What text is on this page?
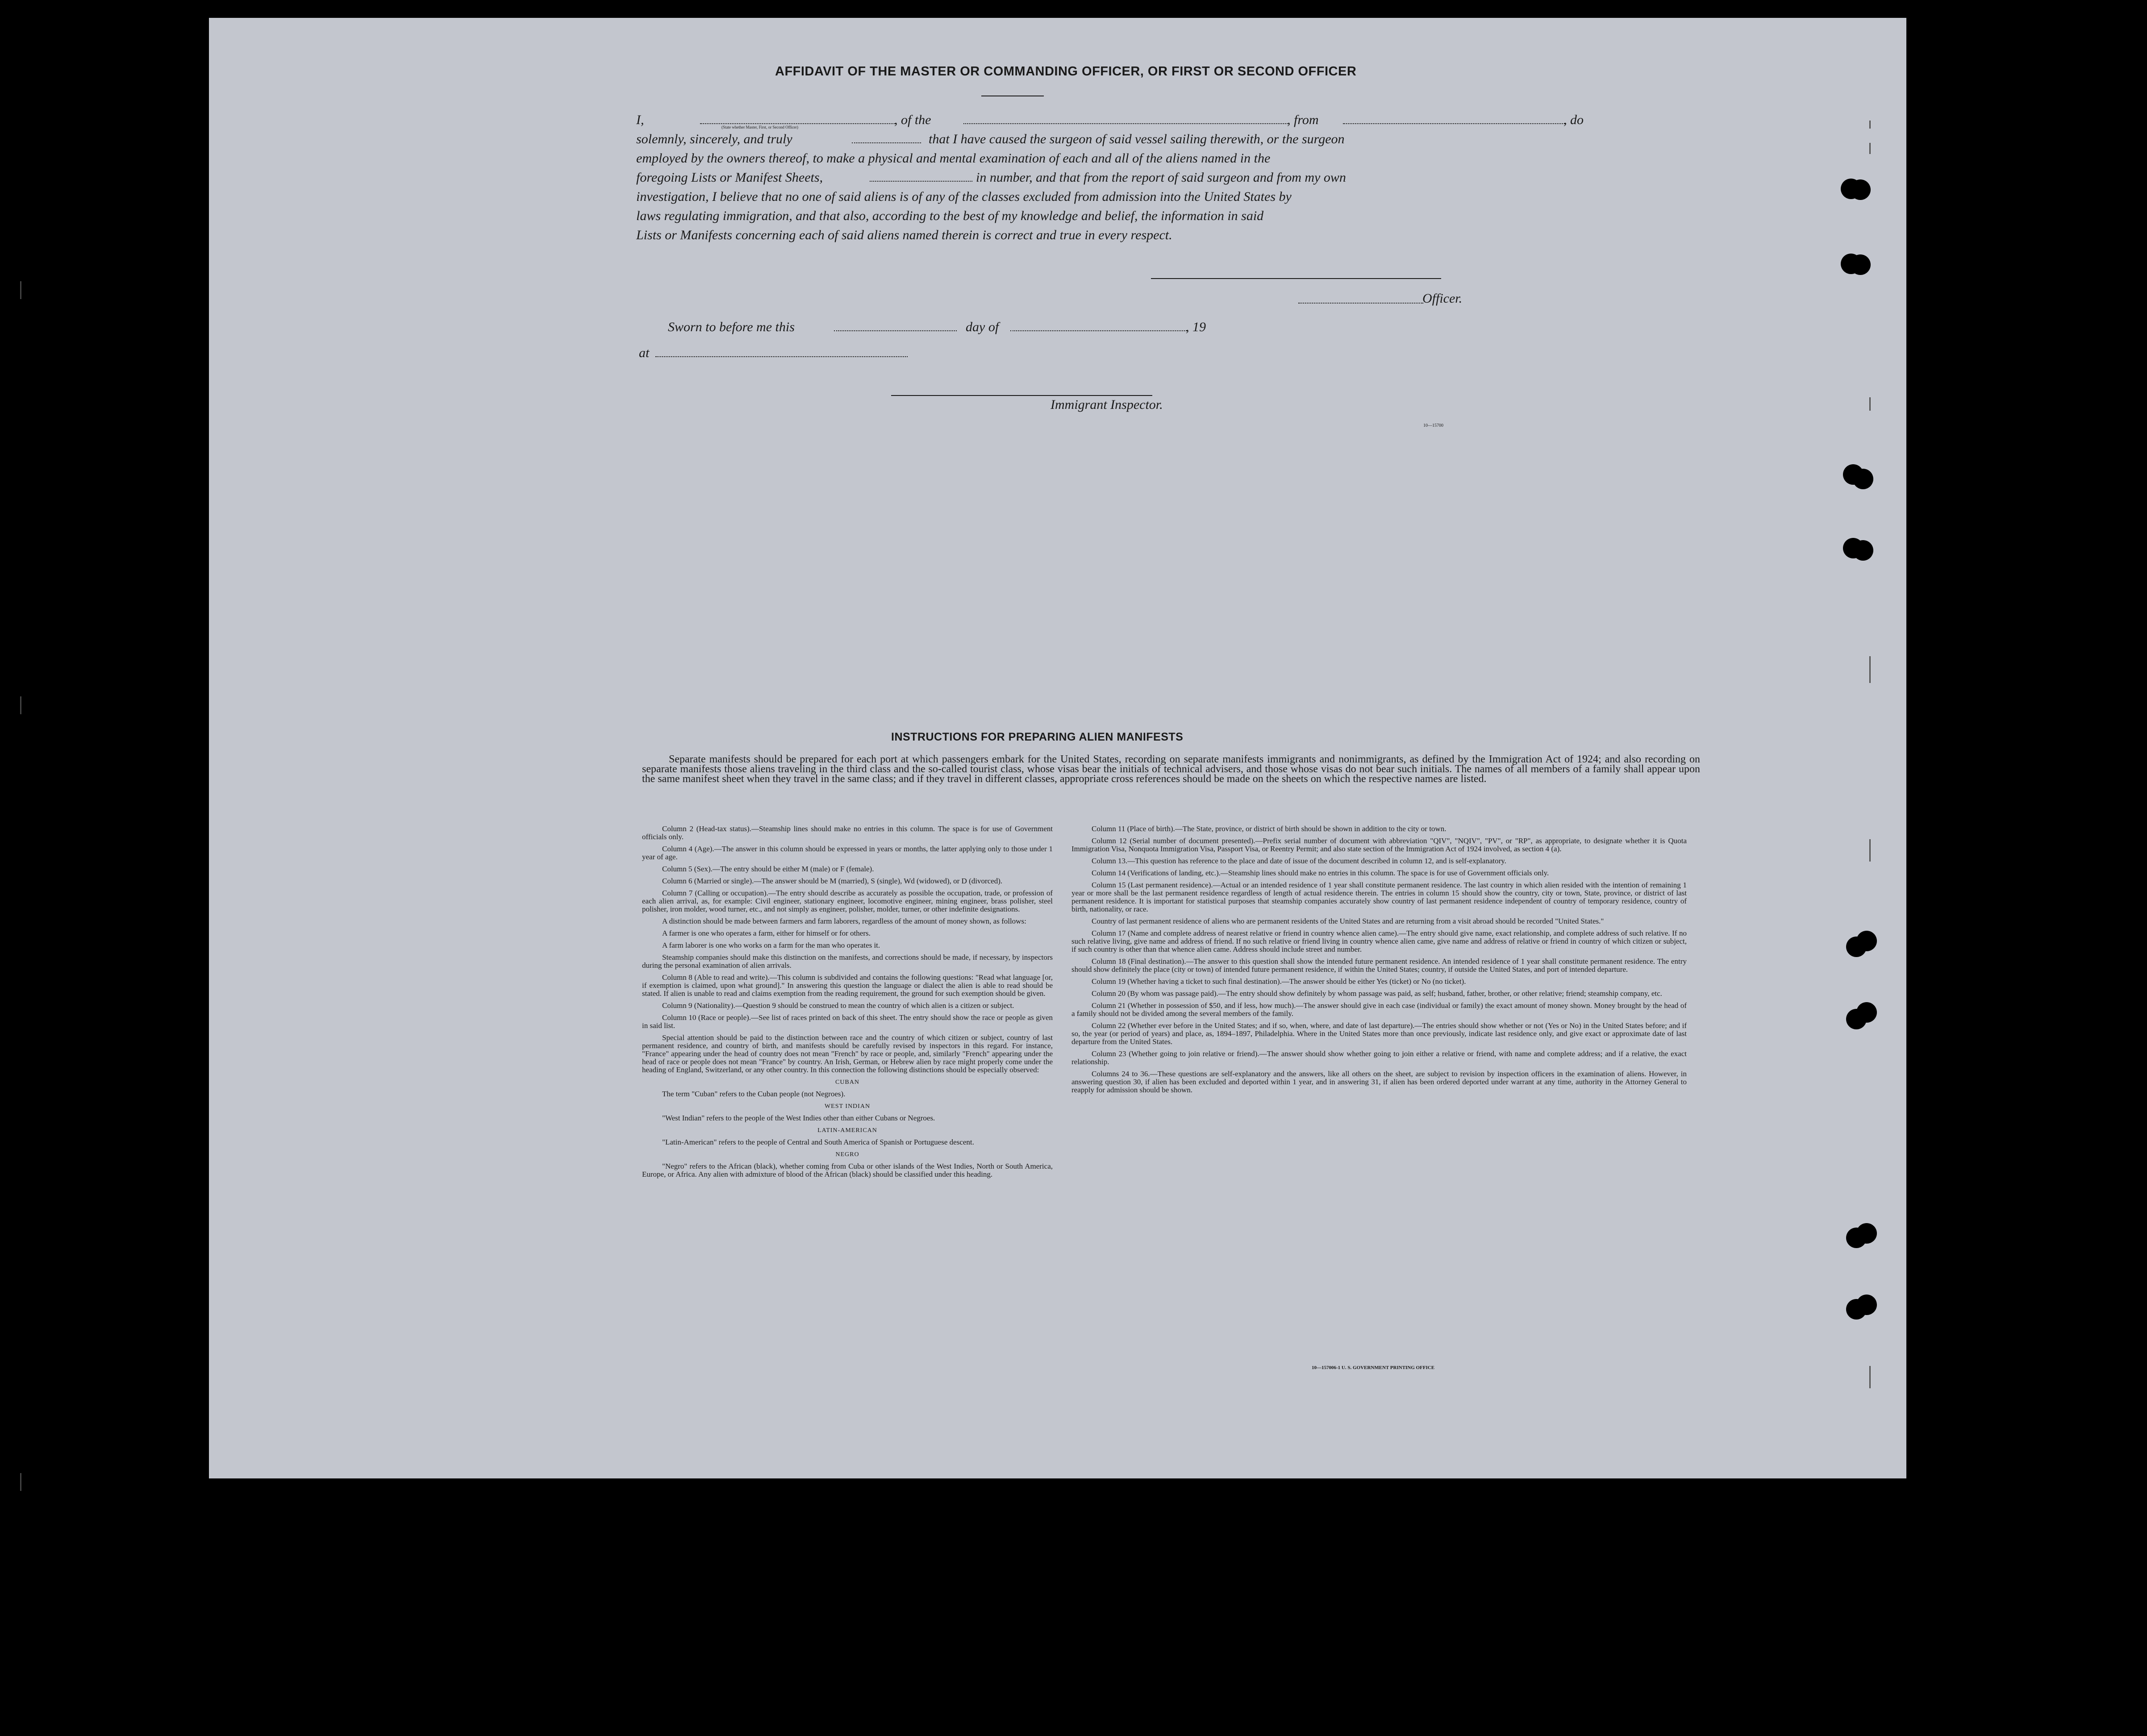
AFFIDAVIT OF THE MASTER OR COMMANDING OFFICER, OR FIRST OR SECOND OFFICER
I,	(State whether Master, First, or Second Officer)	, of the	, from	, do
solemnly, sincerely, and truly	that I have caused the surgeon of said vessel sailing therewith, or the surgeon
employed by the owners thereof, to make a physical and mental examination of each and all of the aliens named in the
foregoing Lists or Manifest Sheets,	in number, and that from the report of said surgeon and from my own
investigation, I believe that no one of said aliens is of any of the classes excluded from admission into the United States by
laws regulating immigration, and that also, according to the best of my knowledge and belief, the information in said
Lists or Manifests concerning each of said aliens named therein is correct and true in every respect.
Officer.
Sworn to before me this	day of	, 19
at
Immigrant Inspector.
10—15700
INSTRUCTIONS FOR PREPARING ALIEN MANIFESTS
Separate manifests should be prepared for each port at which passengers embark for the United States, recording on separate manifests immigrants and nonimmigrants, as defined by the Immigration Act of 1924; and also recording on separate manifests those aliens traveling in the third class and the so-called tourist class, whose visas bear the initials of technical advisers, and those whose visas do not bear such initials. The names of all members of a family shall appear upon the same manifest sheet when they travel in the same class; and if they travel in different classes, appropriate cross references should be made on the sheets on which the respective names are listed.

Column 2 (Head-tax status).—Steamship lines should make no entries in this column. The space is for use of Government officials only.

Column 4 (Age).—The answer in this column should be expressed in years or months, the latter applying only to those under 1 year of age.

Column 5 (Sex).—The entry should be either M (male) or F (female).

Column 6 (Married or single).—The answer should be M (married), S (single), Wd (widowed), or D (divorced).

Column 7 (Calling or occupation).—The entry should describe as accurately as possible the occupation, trade, or profession of each alien arrival, as, for example: Civil engineer, stationary engineer, locomotive engineer, mining engineer, brass polisher, steel polisher, iron molder, wood turner, etc., and not simply as engineer, polisher, molder, turner, or other indefinite designations.

A distinction should be made between farmers and farm laborers, regardless of the amount of money shown, as follows:

A farmer is one who operates a farm, either for himself or for others.

A farm laborer is one who works on a farm for the man who operates it.

Steamship companies should make this distinction on the manifests, and corrections should be made, if necessary, by inspectors during the personal examination of alien arrivals.

Column 8 (Able to read and write).—This column is subdivided and contains the following questions: "Read what language [or, if exemption is claimed, upon what ground]." In answering this question the language or dialect the alien is able to read should be stated. If alien is unable to read and claims exemption from the reading requirement, the ground for such exemption should be given.

Column 9 (Nationality).—Question 9 should be construed to mean the country of which alien is a citizen or subject.

Column 10 (Race or people).—See list of races printed on back of this sheet. The entry should show the race or people as given in said list.

Special attention should be paid to the distinction between race and the country of which citizen or subject, country of last permanent residence, and country of birth, and manifests should be carefully revised by inspectors in this regard. For instance, "France" appearing under the head of country does not mean "French" by race or people, and, similarly "French" appearing under the head of race or people does not mean "France" by country. An Irish, German, or Hebrew alien by race might properly come under the heading of England, Switzerland, or any other country. In this connection the following distinctions should be especially observed:

CUBAN

The term "Cuban" refers to the Cuban people (not Negroes).

WEST INDIAN

"West Indian" refers to the people of the West Indies other than either Cubans or Negroes.

LATIN-AMERICAN

"Latin-American" refers to the people of Central and South America of Spanish or Portuguese descent.

NEGRO

"Negro" refers to the African (black), whether coming from Cuba or other islands of the West Indies, North or South America, Europe, or Africa. Any alien with admixture of blood of the African (black) should be classified under this heading.

Column 11 (Place of birth).—The State, province, or district of birth should be shown in addition to the city or town.

Column 12 (Serial number of document presented).—Prefix serial number of document with abbreviation "QIV", "NQIV", "PV", or "RP", as appropriate, to designate whether it is Quota Immigration Visa, Nonquota Immigration Visa, Passport Visa, or Reentry Permit; and also state section of the Immigration Act of 1924 involved, as section 4 (a).

Column 13.—This question has reference to the place and date of issue of the document described in column 12, and is self-explanatory.

Column 14 (Verifications of landing, etc.).—Steamship lines should make no entries in this column. The space is for use of Government officials only.

Column 15 (Last permanent residence).—Actual or an intended residence of 1 year shall constitute permanent residence. The last country in which alien resided with the intention of remaining 1 year or more shall be the last permanent residence regardless of length of actual residence therein. The entries in column 15 should show the country, city or town, State, province, or district of last permanent residence. It is important for statistical purposes that steamship companies accurately show country of last permanent residence independent of country of temporary residence, country of birth, nationality, or race.

Country of last permanent residence of aliens who are permanent residents of the United States and are returning from a visit abroad should be recorded "United States."

Column 17 (Name and complete address of nearest relative or friend in country whence alien came).—The entry should give name, exact relationship, and complete address of such relative. If no such relative living, give name and address of friend. If no such relative or friend living in country whence alien came, give name and address of relative or friend in country of which citizen or subject, if such country is other than that whence alien came. Address should include street and number.

Column 18 (Final destination).—The answer to this question shall show the intended future permanent residence. An intended residence of 1 year shall constitute permanent residence. The entry should show definitely the place (city or town) of intended future permanent residence, if within the United States; country, if outside the United States, and port of intended departure.

Column 19 (Whether having a ticket to such final destination).—The answer should be either Yes (ticket) or No (no ticket).

Column 20 (By whom was passage paid).—The entry should show definitely by whom passage was paid, as self; husband, father, brother, or other relative; friend; steamship company, etc.

Column 21 (Whether in possession of $50, and if less, how much).—The answer should give in each case (individual or family) the exact amount of money shown. Money brought by the head of a family should not be divided among the several members of the family.

Column 22 (Whether ever before in the United States; and if so, when, where, and date of last departure).—The entries should show whether or not (Yes or No) in the United States before; and if so, the year (or period of years) and place, as, 1894–1897, Philadelphia. Where in the United States more than once previously, indicate last residence only, and give exact or approximate date of last departure from the United States.

Column 23 (Whether going to join relative or friend).—The answer should show whether going to join either a relative or friend, with name and complete address; and if a relative, the exact relationship.

Columns 24 to 36.—These questions are self-explanatory and the answers, like all others on the sheet, are subject to revision by inspection officers in the examination of aliens. However, in answering question 30, if alien has been excluded and deported within 1 year, and in answering 31, if alien has been ordered deported under warrant at any time, authority in the Attorney General to reapply for admission should be shown.

10—157006-1 U. S. GOVERNMENT PRINTING OFFICE
